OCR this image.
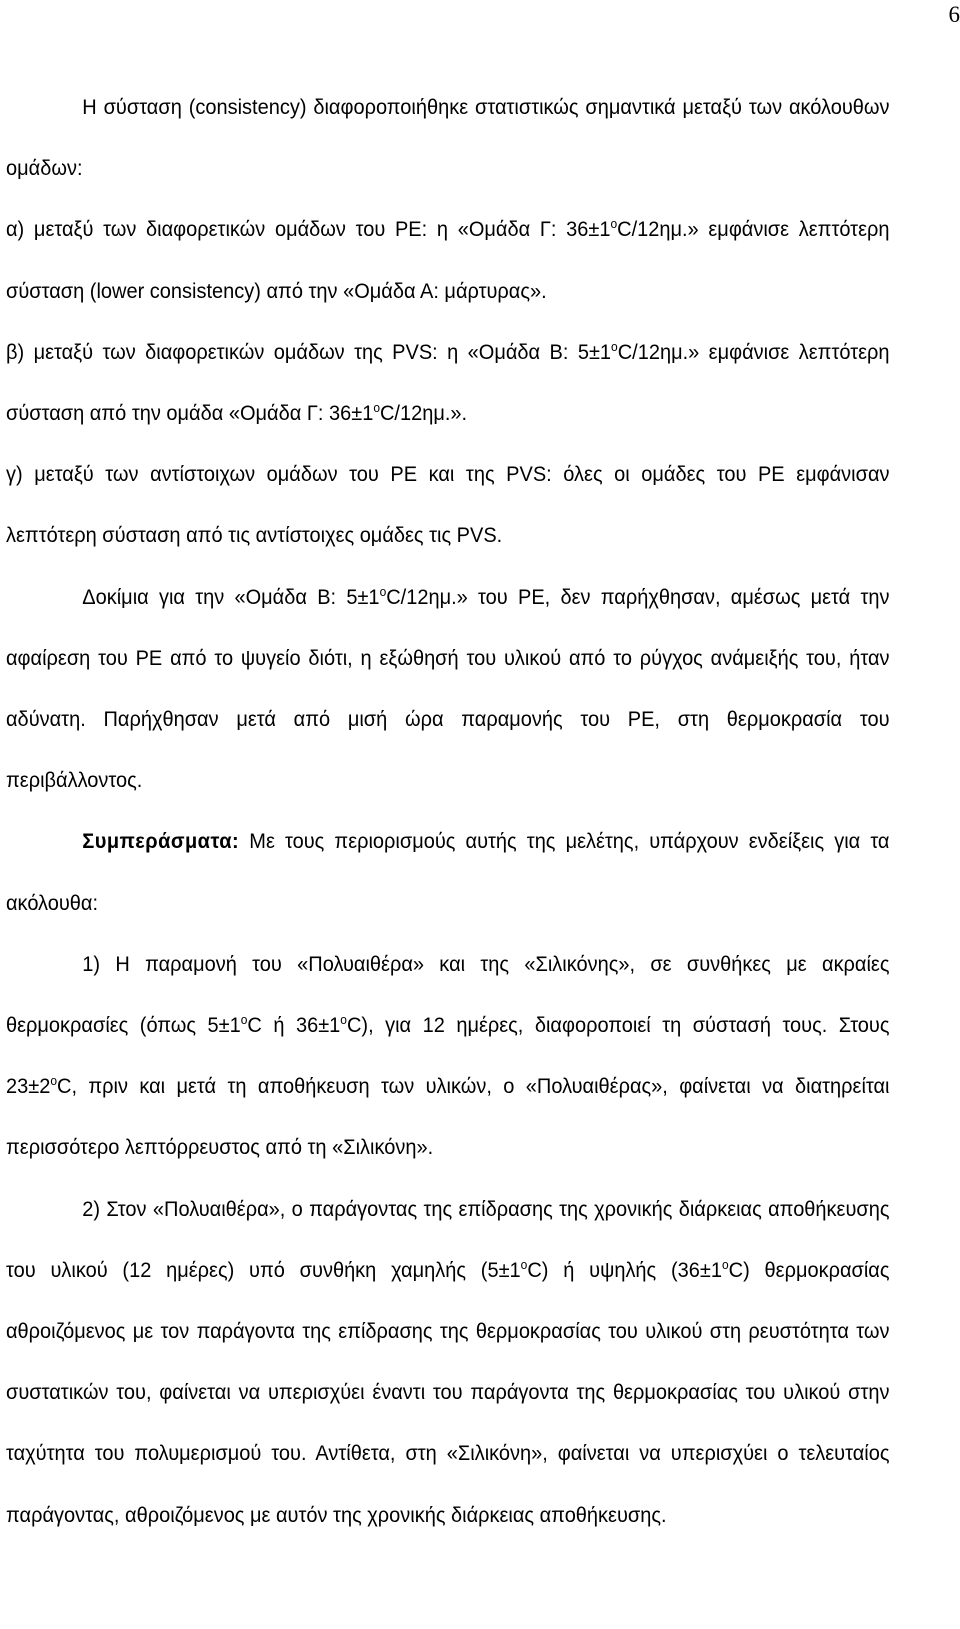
6

Η σύσταση (consistency) διαφοροποιήθηκε στατιστικώς σημαντικά μεταξύ των ακόλουθων ομάδων:

α) μεταξύ των διαφορετικών ομάδων του PE: η «Ομάδα Γ: $36\pm 1^oC/12\eta\mu$.» εμφάνισε λεπτότερη σύσταση (lower consistency) από την «Ομάδα Α: μάρτυρας».

β) μεταξύ των διαφορετικών ομάδων της PVS: η «Ομάδα Β: $5\pm 1^oC/12\eta\mu$.» εμφάνισε λεπτότερη σύσταση από την ομάδα «Ομάδα Γ: $36\pm 1^oC/12\eta\mu$.».

γ) μεταξύ των αντίστοιχων ομάδων του PE και της PVS: όλες οι ομάδες του PE εμφάνισαν λεπτότερη σύσταση από τις αντίστοιχες ομάδες τις PVS.

Δοκίμια για την «Ομάδα Β: $5\pm 1^oC/12\eta\mu$.» του PE, δεν παρήχθησαν, αμέσως μετά την αφαίρεση του PE από το ψυγείο διότι, η εξώθησή του υλικού από το ρύγχος ανάμειξής του, ήταν αδύνατη. Παρήχθησαν μετά από μισή ώρα παραμονής του PE, στη θερμοκρασία του περιβάλλοντος.

Συμπεράσματα: Με τους περιορισμούς αυτής της μελέτης, υπάρχουν ενδείξεις για τα ακόλουθα:

1) Η παραμονή του «Πολυαιθέρα» και της «Σιλικόνης», σε συνθήκες με ακραίες θερμοκρασίες (όπως $5\pm 1^oC$ ή $36\pm 1^oC$), για 12 ημέρες, διαφοροποιεί τη σύστασή τους. Στους $23\pm 2^oC$, πριν και μετά τη αποθήκευση των υλικών, ο «Πολυαιθέρας», φαίνεται να διατηρείται περισσότερο λεπτόρρευστος από τη «Σιλικόνη».

2) Στον «Πολυαιθέρα», ο παράγοντας της επίδρασης της χρονικής διάρκειας αποθήκευσης του υλικού (12 ημέρες) υπό συνθήκη χαμηλής $(5\pm 1^oC)$ ή υψηλής $(36\pm 1^oC)$ θερμοκρασίας αθροιζόμενος με τον παράγοντα της επίδρασης της θερμοκρασίας του υλικού στη ρευστότητα των συστατικών του, φαίνεται να υπερισχύει έναντι του παράγοντα της θερμοκρασίας του υλικού στην ταχύτητα του πολυμερισμού του. Αντίθετα, στη «Σιλικόνη», φαίνεται να υπερισχύει ο τελευταίος παράγοντας, αθροιζόμενος με αυτόν της χρονικής διάρκειας αποθήκευσης.
